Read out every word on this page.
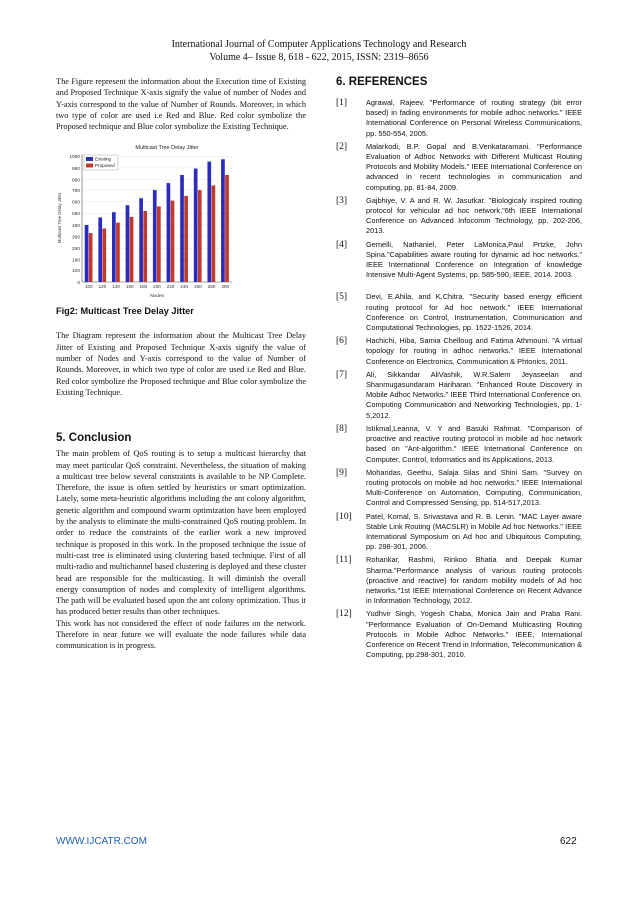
International Journal of Computer Applications Technology and Research
Volume 4– Issue 8, 618 - 622, 2015, ISSN: 2319–8656

The Figure represent the information about the Execution time of Existing and Proposed Technique X-axis signify the value of number of Nodes and Y-axis correspond to the value of Number of Rounds. Moreover, in which two type of color are used i.e Red and Blue. Red color symbolize the Proposed technique and Blue color symbolize the Existing Technique.

Multicast Tree Delay Jitter
0
100
190
290
390
490
590
690
790
880
980
1080
100 120 140 160 180 200 220 240 260 280 300
Nodes
Multicast Tree Delay Jitter
Existing
Proposed

Fig2: Multicast Tree Delay Jitter

The Diagram represent the information about the Multicast Tree Delay Jitter of Existing and Proposed Technique X-axis signify the value of number of Nodes and Y-axis correspond to the value of Number of Rounds. Moreover, in which two type of color are used i.e Red and Blue. Red color symbolize the Proposed technique and Blue color symbolize the Existing Technique.

5. Conclusion

The main problem of QoS routing is to setup a multicast hierarchy that may meet particular QoS constraint. Nevertheless, the situation of making a multicast tree below several constraints is available to be NP Complete. Therefore, the issue is often settled by heuristics or smart optimization. Lately, some meta-heuristic algorithms including the ant colony algorithm, genetic algorithm and compound swarm optimization have been employed by the analysts to eliminate the multi-constrained QoS routing problem. In order to reduce the constraints of the earlier work a new improved technique is proposed in this work. In the proposed technique the issue of multi-cast tree is eliminated using clustering based technique. First of all multi-radio and multichannel based clustering is deployed and these cluster head are responsible for the multicasting. It will diminish the overall energy consumption of nodes and complexity of intelligent algorithms. The path will be evaluated based upon the ant colony optimization. Thus it has produced better results than other techniques.

This work has not considered the effect of node failures on the network. Therefore in near future we will evaluate the node failures while data communication is in progress.

6. REFERENCES

[1]	Agrawal, Rajeev. "Performance of routing strategy (bit error based) in fading environments for mobile adhoc networks." IEEE International Conference on Personal Wireless Communications, pp. 550-554, 2005.
[2]	Malarkodi, B.P. Gopal and B.Venkataramani. "Performance Evaluation of Adhoc Networks with Different Multicast Routing Protocols and Mobility Models." IEEE International Conference on advanced in recent technologies in communication and computing, pp. 81-84, 2009.
[3]	Gajbhiye, V. A and R. W. Jasutkar. "Biologicaly inspired routing protocol for vehicular ad hoc network."6th IEEE International Conference on Advanced Infocomm Technology, pp. 202-206, 2013.
[4]	Gemelli, Nathaniel, Peter LaMonica,Paul Prtzke, John Spina."Capabilities aware routing for dynamic ad hoc networks." IEEE International Conference on Integration of knowledge Intensive Multi-Agent Systems, pp. 585-590, IEEE, 2014. 2003.
[5]	Devi, E.Ahila, and K.Chitra. "Security based energy efficient routing protocol for Ad hoc network." IEEE International Conference on Control, Instrumentation, Communication and Computational Technologies, pp. 1522-1526, 2014.
[6]	Hachichi, Hiba, Samia Chelloug and Fatima Athmouni. "A virtual topology for routing in adhoc networks." IEEE International Conference on Electronics, Communication & Phtonics, 2011.
[7]	Ali, Sikkandar AliVashik, W.R.Salem Jeyaseelan and Shanmugasundaram Hariharan. "Enhanced Route Discovery in Mobile Adhoc Networks." IEEE Third International Conference on. Computing Communication and Networking Technologies, pp. 1-5,2012.
[8]	Istikmal,Leanna, V. Y and Basuki Rahmat. "Comparison of proactive and reactive routing protocol in mobile ad hoc network based on "Ant-algorithm." IEEE International Conference on Computer, Control, Informatics and its Applications, 2013.
[9]	Mohandas, Geethu, Salaja Silas and Shini Sam. "Survey on routing protocols on mobile ad hoc networks." IEEE International Multi-Conference on Automation, Computing, Communication, Control and Compressed Sensing, pp. 514-517,2013.
[10]	Patel, Komal, S. Srivastava and R. B. Lenin. "MAC Layer aware Stable Link Routing (MACSLR) in Mobile Ad hoc Networks." IEEE International Symposium on Ad hoc and Ubiquitous Computing, pp. 298-301, 2006.
[11]	Rohankar, Rashmi, Rinkoo Bhatia and Deepak Kumar Sharma."Performance analysis of various routing protocols (proactive and reactive) for random mobility models of Ad hoc networks."1st IEEE International Conference on Recent Advance in Information Technology, 2012.
[12]	Yudhvir Singh, Yogesh Chaba, Monica Jain and Praba Rani. "Performance Evaluation of On-Demand Multicasting Routing Protocols in Mobile Adhoc Networks." IEEE, International Conference on Recent Trend in Information, Telecommunication & Computing, pp.298-301, 2010.
WWW.IJCATR.COM	622
